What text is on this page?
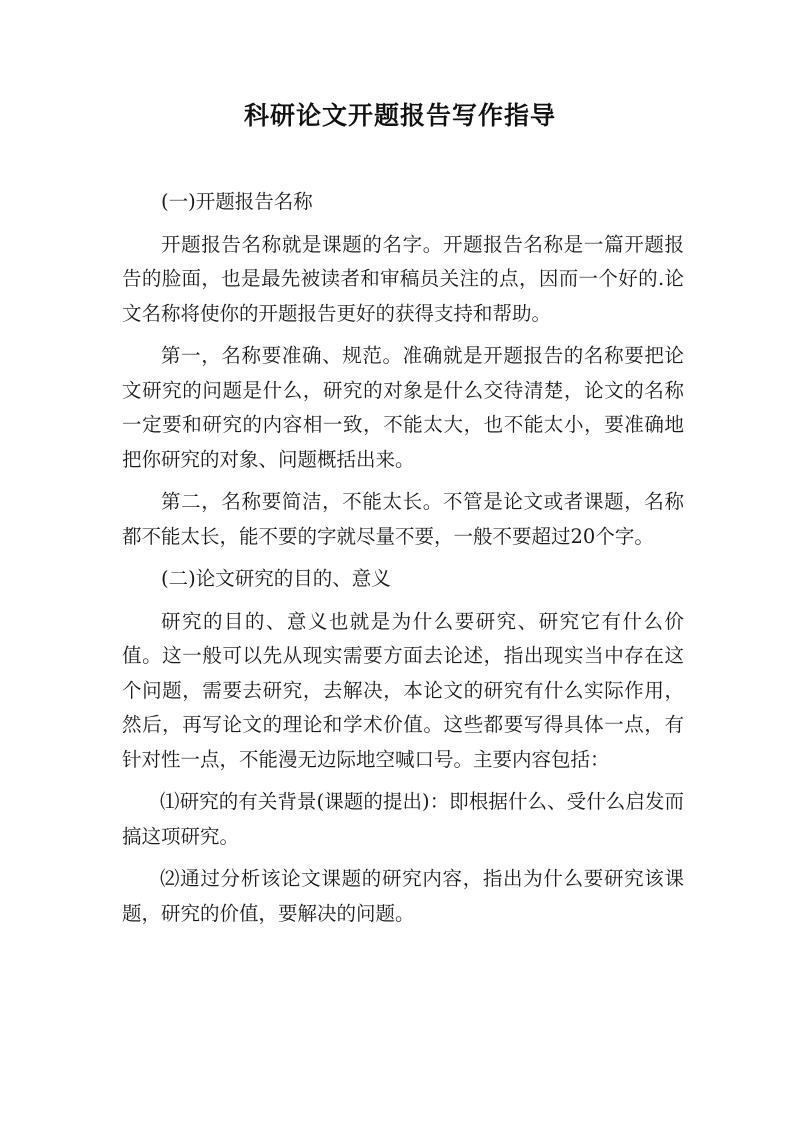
科研论文开题报告写作指导

(一)开题报告名称

开题报告名称就是课题的名字。开题报告名称是一篇开题报告的脸面，也是最先被读者和审稿员关注的点，因而一个好的.论文名称将使你的开题报告更好的获得支持和帮助。

第一，名称要准确、规范。准确就是开题报告的名称要把论文研究的问题是什么，研究的对象是什么交待清楚，论文的名称一定要和研究的内容相一致，不能太大，也不能太小，要准确地把你研究的对象、问题概括出来。

第二，名称要简洁，不能太长。不管是论文或者课题，名称都不能太长，能不要的字就尽量不要，一般不要超过20个字。

(二)论文研究的目的、意义

研究的目的、意义也就是为什么要研究、研究它有什么价值。这一般可以先从现实需要方面去论述，指出现实当中存在这个问题，需要去研究，去解决，本论文的研究有什么实际作用，然后，再写论文的理论和学术价值。这些都要写得具体一点，有针对性一点，不能漫无边际地空喊口号。主要内容包括：

⑴研究的有关背景(课题的提出)：即根据什么、受什么启发而搞这项研究。

⑵通过分析该论文课题的研究内容，指出为什么要研究该课题，研究的价值，要解决的问题。
